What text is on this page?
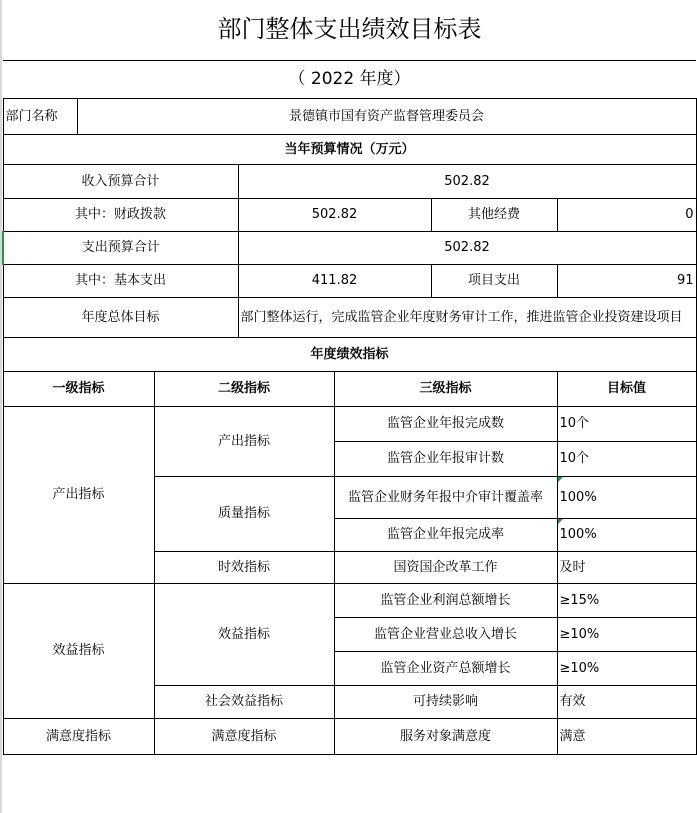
部门整体支出绩效目标表						
（ 2022 年度）						
部门名称	景德镇市国有资产监督管理委员会					
当年预算情况（万元）						
收入预算合计			502.82			
其中：财政拨款			502.82		其他经费	0
支出预算合计			502.82			
其中：基本支出			411.82		项目支出	91
年度总体目标			部门整体运行，完成监管企业年度财务审计工作，推进监管企业投资建设项目			
年度绩效指标						
一级指标		二级指标		三级指标		目标值
产出指标		产出指标		监管企业年报完成数		10个
				监管企业年报审计数		10个
		质量指标		监管企业财务年报中介审计覆盖率		100%
				监管企业年报完成率		100%
		时效指标		国资国企改革工作		及时
效益指标		效益指标		监管企业利润总额增长		≥15%
				监管企业营业总收入增长		≥10%
				监管企业资产总额增长		≥10%
		社会效益指标		可持续影响		有效
满意度指标		满意度指标		服务对象满意度		满意
